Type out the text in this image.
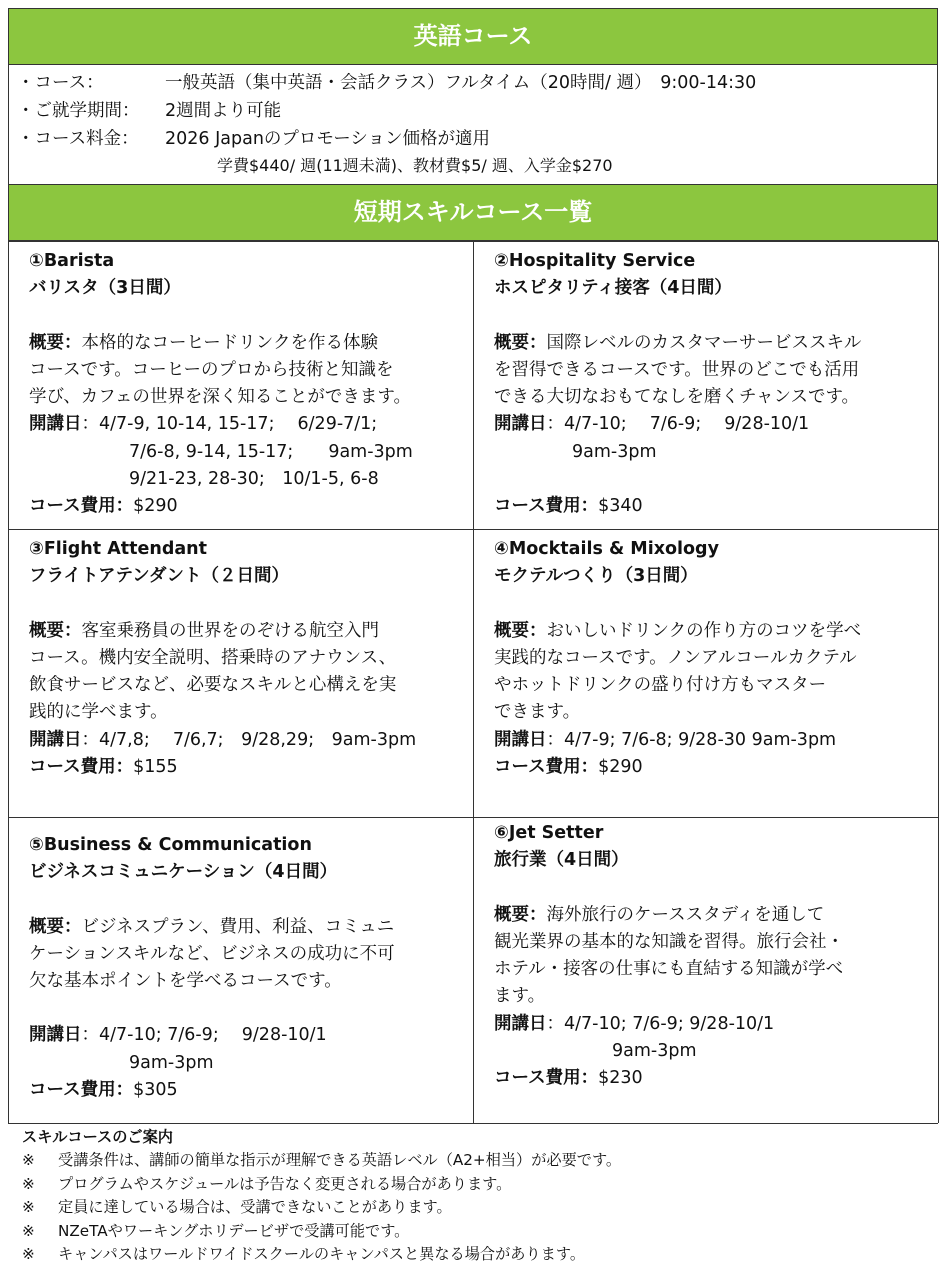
英語コース
・コース：	一般英語（集中英語・会話クラス）フルタイム（20時間/ 週）　9:00-14:30
・ご就学期間：	2週間より可能
・コース料金：	2026 Japanのプロモーション価格が適用
学費$440/ 週(11週未満)、教材費$5/ 週、入学金$270
短期スキルコース一覧
①Barista
バリスタ（3日間）
概要：本格的なコーヒードリンクを作る体験
コースです。コーヒーのプロから技術と知識を
学び、カフェの世界を深く知ることができます。
開講日：4/7-9, 10-14, 15-17;　 6/29-7/1;
7/6-8, 9-14, 15-17;　　9am-3pm
9/21-23, 28-30;　10/1-5, 6-8
コース費用：$290
②Hospitality Service
ホスピタリティ接客（4日間）
概要：国際レベルのカスタマーサービススキル
を習得できるコースです。世界のどこでも活用
できる大切なおもてなしを磨くチャンスです。
開講日：4/7-10;　 7/6-9;　 9/28-10/1
9am-3pm
コース費用：$340
③Flight Attendant
フライトアテンダント（２日間）
概要：客室乗務員の世界をのぞける航空入門
コース。機内安全説明、搭乗時のアナウンス、
飲食サービスなど、必要なスキルと心構えを実
践的に学べます。
開講日：4/7,8;　 7/6,7;　9/28,29;　9am-3pm
コース費用：$155
④Mocktails & Mixology
モクテルつくり（3日間）
概要：おいしいドリンクの作り方のコツを学べ
実践的なコースです。ノンアルコールカクテル
やホットドリンクの盛り付け方もマスター
できます。
開講日：4/7-9; 7/6-8; 9/28-30 9am-3pm
コース費用：$290
⑤Business & Communication
ビジネスコミュニケーション（4日間）
概要：ビジネスプラン、費用、利益、コミュニ
ケーションスキルなど、ビジネスの成功に不可
欠な基本ポイントを学べるコースです。
開講日：4/7-10; 7/6-9;　 9/28-10/1
9am-3pm
コース費用：$305
⑥Jet Setter
旅行業（4日間）
概要：海外旅行のケーススタディを通して
観光業界の基本的な知識を習得。旅行会社・
ホテル・接客の仕事にも直結する知識が学べ
ます。
開講日：4/7-10; 7/6-9; 9/28-10/1
9am-3pm
コース費用：$230
スキルコースのご案内
※ 受講条件は、講師の簡単な指示が理解できる英語レベル（A2+相当）が必要です。
※ プログラムやスケジュールは予告なく変更される場合があります。
※ 定員に達している場合は、受講できないことがあります。
※ NZeTAやワーキングホリデービザで受講可能です。
※ キャンパスはワールドワイドスクールのキャンパスと異なる場合があります。
